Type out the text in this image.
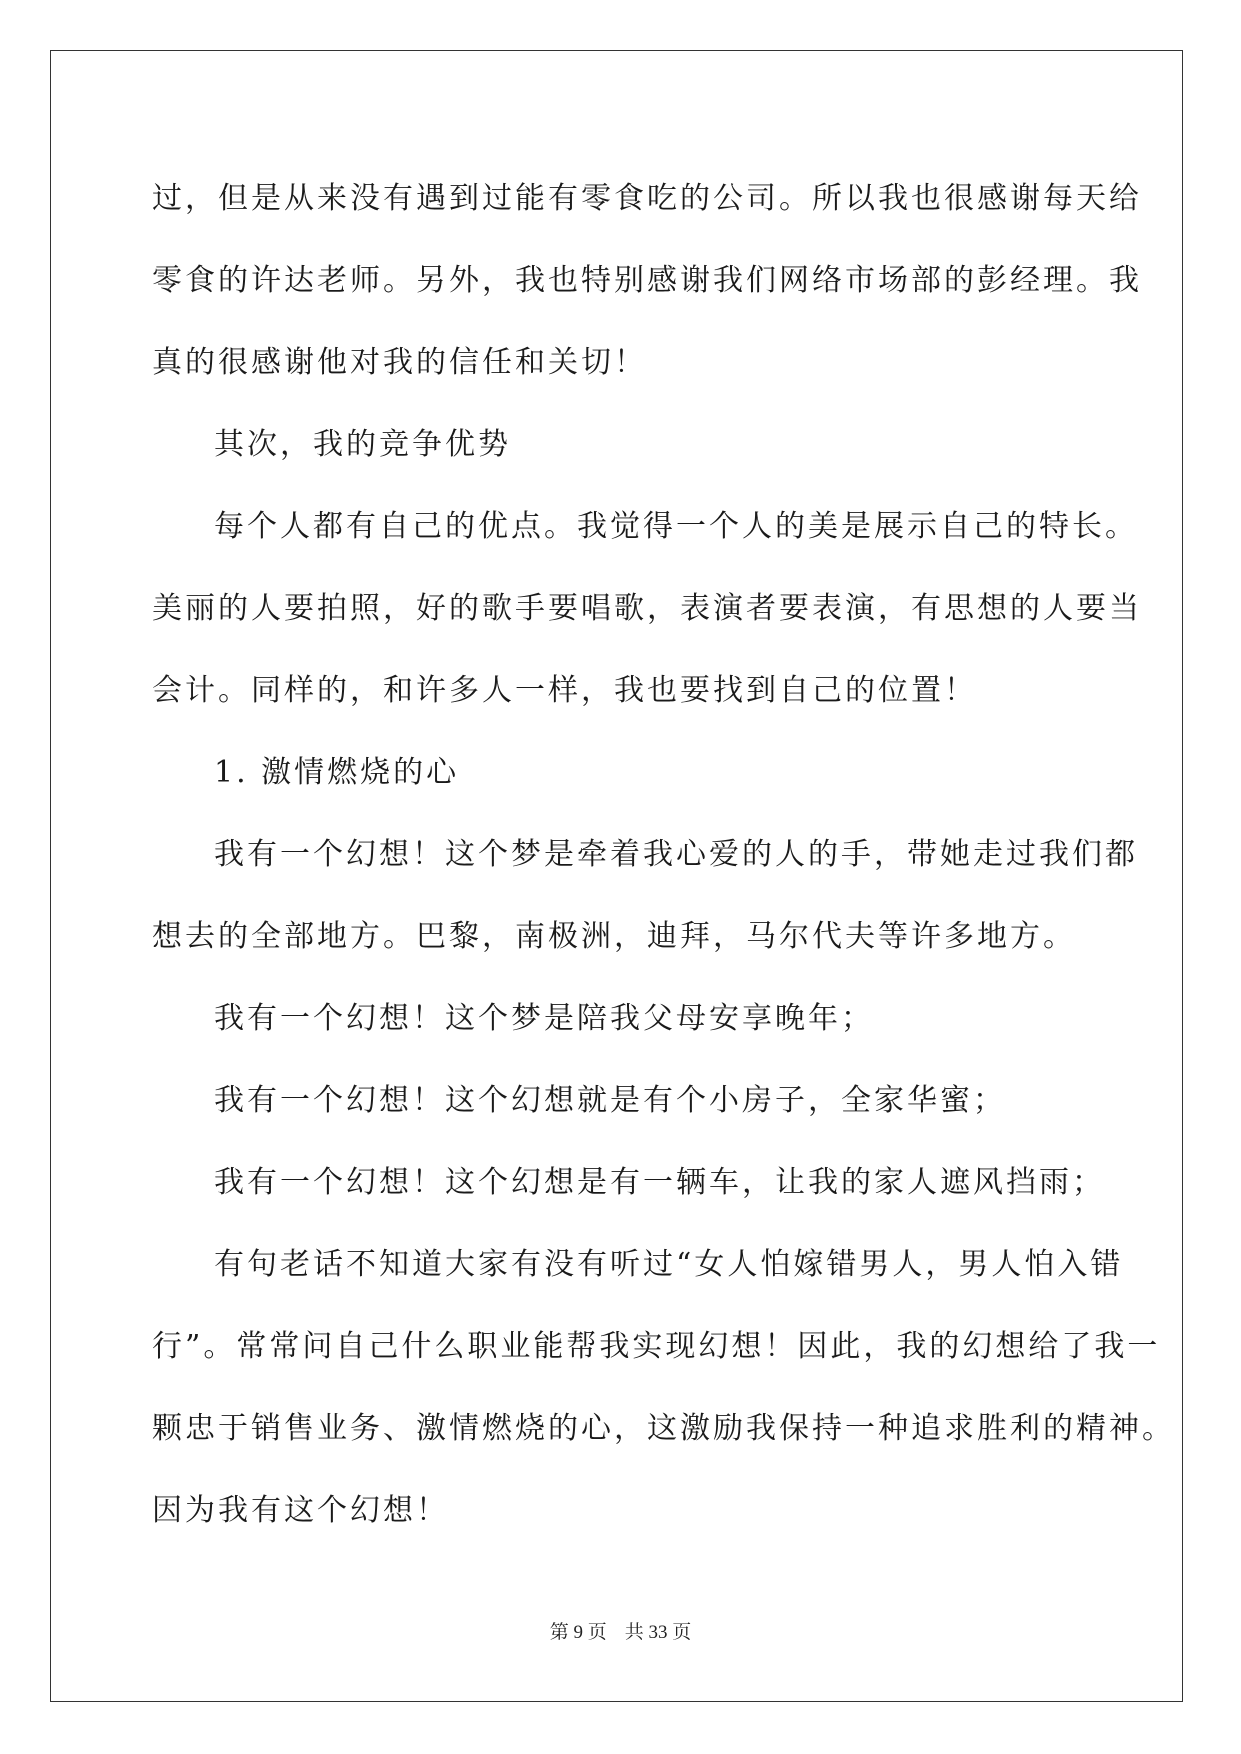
过，但是从来没有遇到过能有零食吃的公司。所以我也很感谢每天给
零食的许达老师。另外，我也特别感谢我们网络市场部的彭经理。我
真的很感谢他对我的信任和关切！
其次，我的竞争优势
每个人都有自己的优点。我觉得一个人的美是展示自己的特长。
美丽的人要拍照，好的歌手要唱歌，表演者要表演，有思想的人要当
会计。同样的，和许多人一样，我也要找到自己的位置！
1. 激情燃烧的心
我有一个幻想！这个梦是牵着我心爱的人的手，带她走过我们都
想去的全部地方。巴黎，南极洲，迪拜，马尔代夫等许多地方。
我有一个幻想！这个梦是陪我父母安享晚年；
我有一个幻想！这个幻想就是有个小房子，全家华蜜；
我有一个幻想！这个幻想是有一辆车，让我的家人遮风挡雨；
有句老话不知道大家有没有听过“女人怕嫁错男人，男人怕入错
行”。常常问自己什么职业能帮我实现幻想！因此，我的幻想给了我一
颗忠于销售业务、激情燃烧的心，这激励我保持一种追求胜利的精神。
因为我有这个幻想！
第 9 页 共 33 页
